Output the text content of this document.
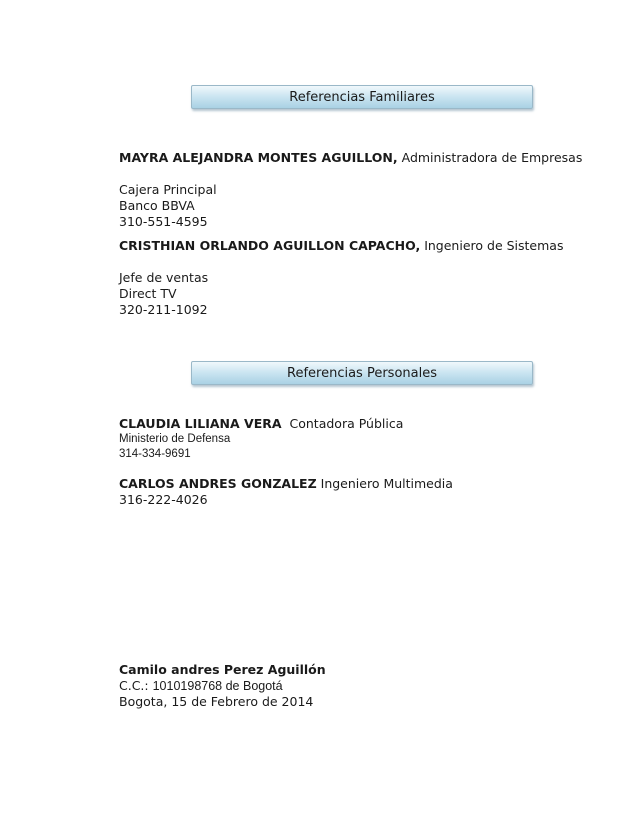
Referencias Familiares
MAYRA ALEJANDRA MONTES AGUILLON, Administradora de Empresas
Cajera Principal
Banco BBVA
310-551-4595
CRISTHIAN ORLANDO AGUILLON CAPACHO, Ingeniero de Sistemas
Jefe de ventas
Direct TV
320-211-1092
Referencias Personales
CLAUDIA LILIANA VERA Contadora Pública
Ministerio de Defensa
314-334-9691
CARLOS ANDRES GONZALEZ Ingeniero Multimedia
316-222-4026
Camilo andres Perez Aguillón
C.C.: 1010198768 de Bogotá
Bogota, 15 de Febrero de 2014
